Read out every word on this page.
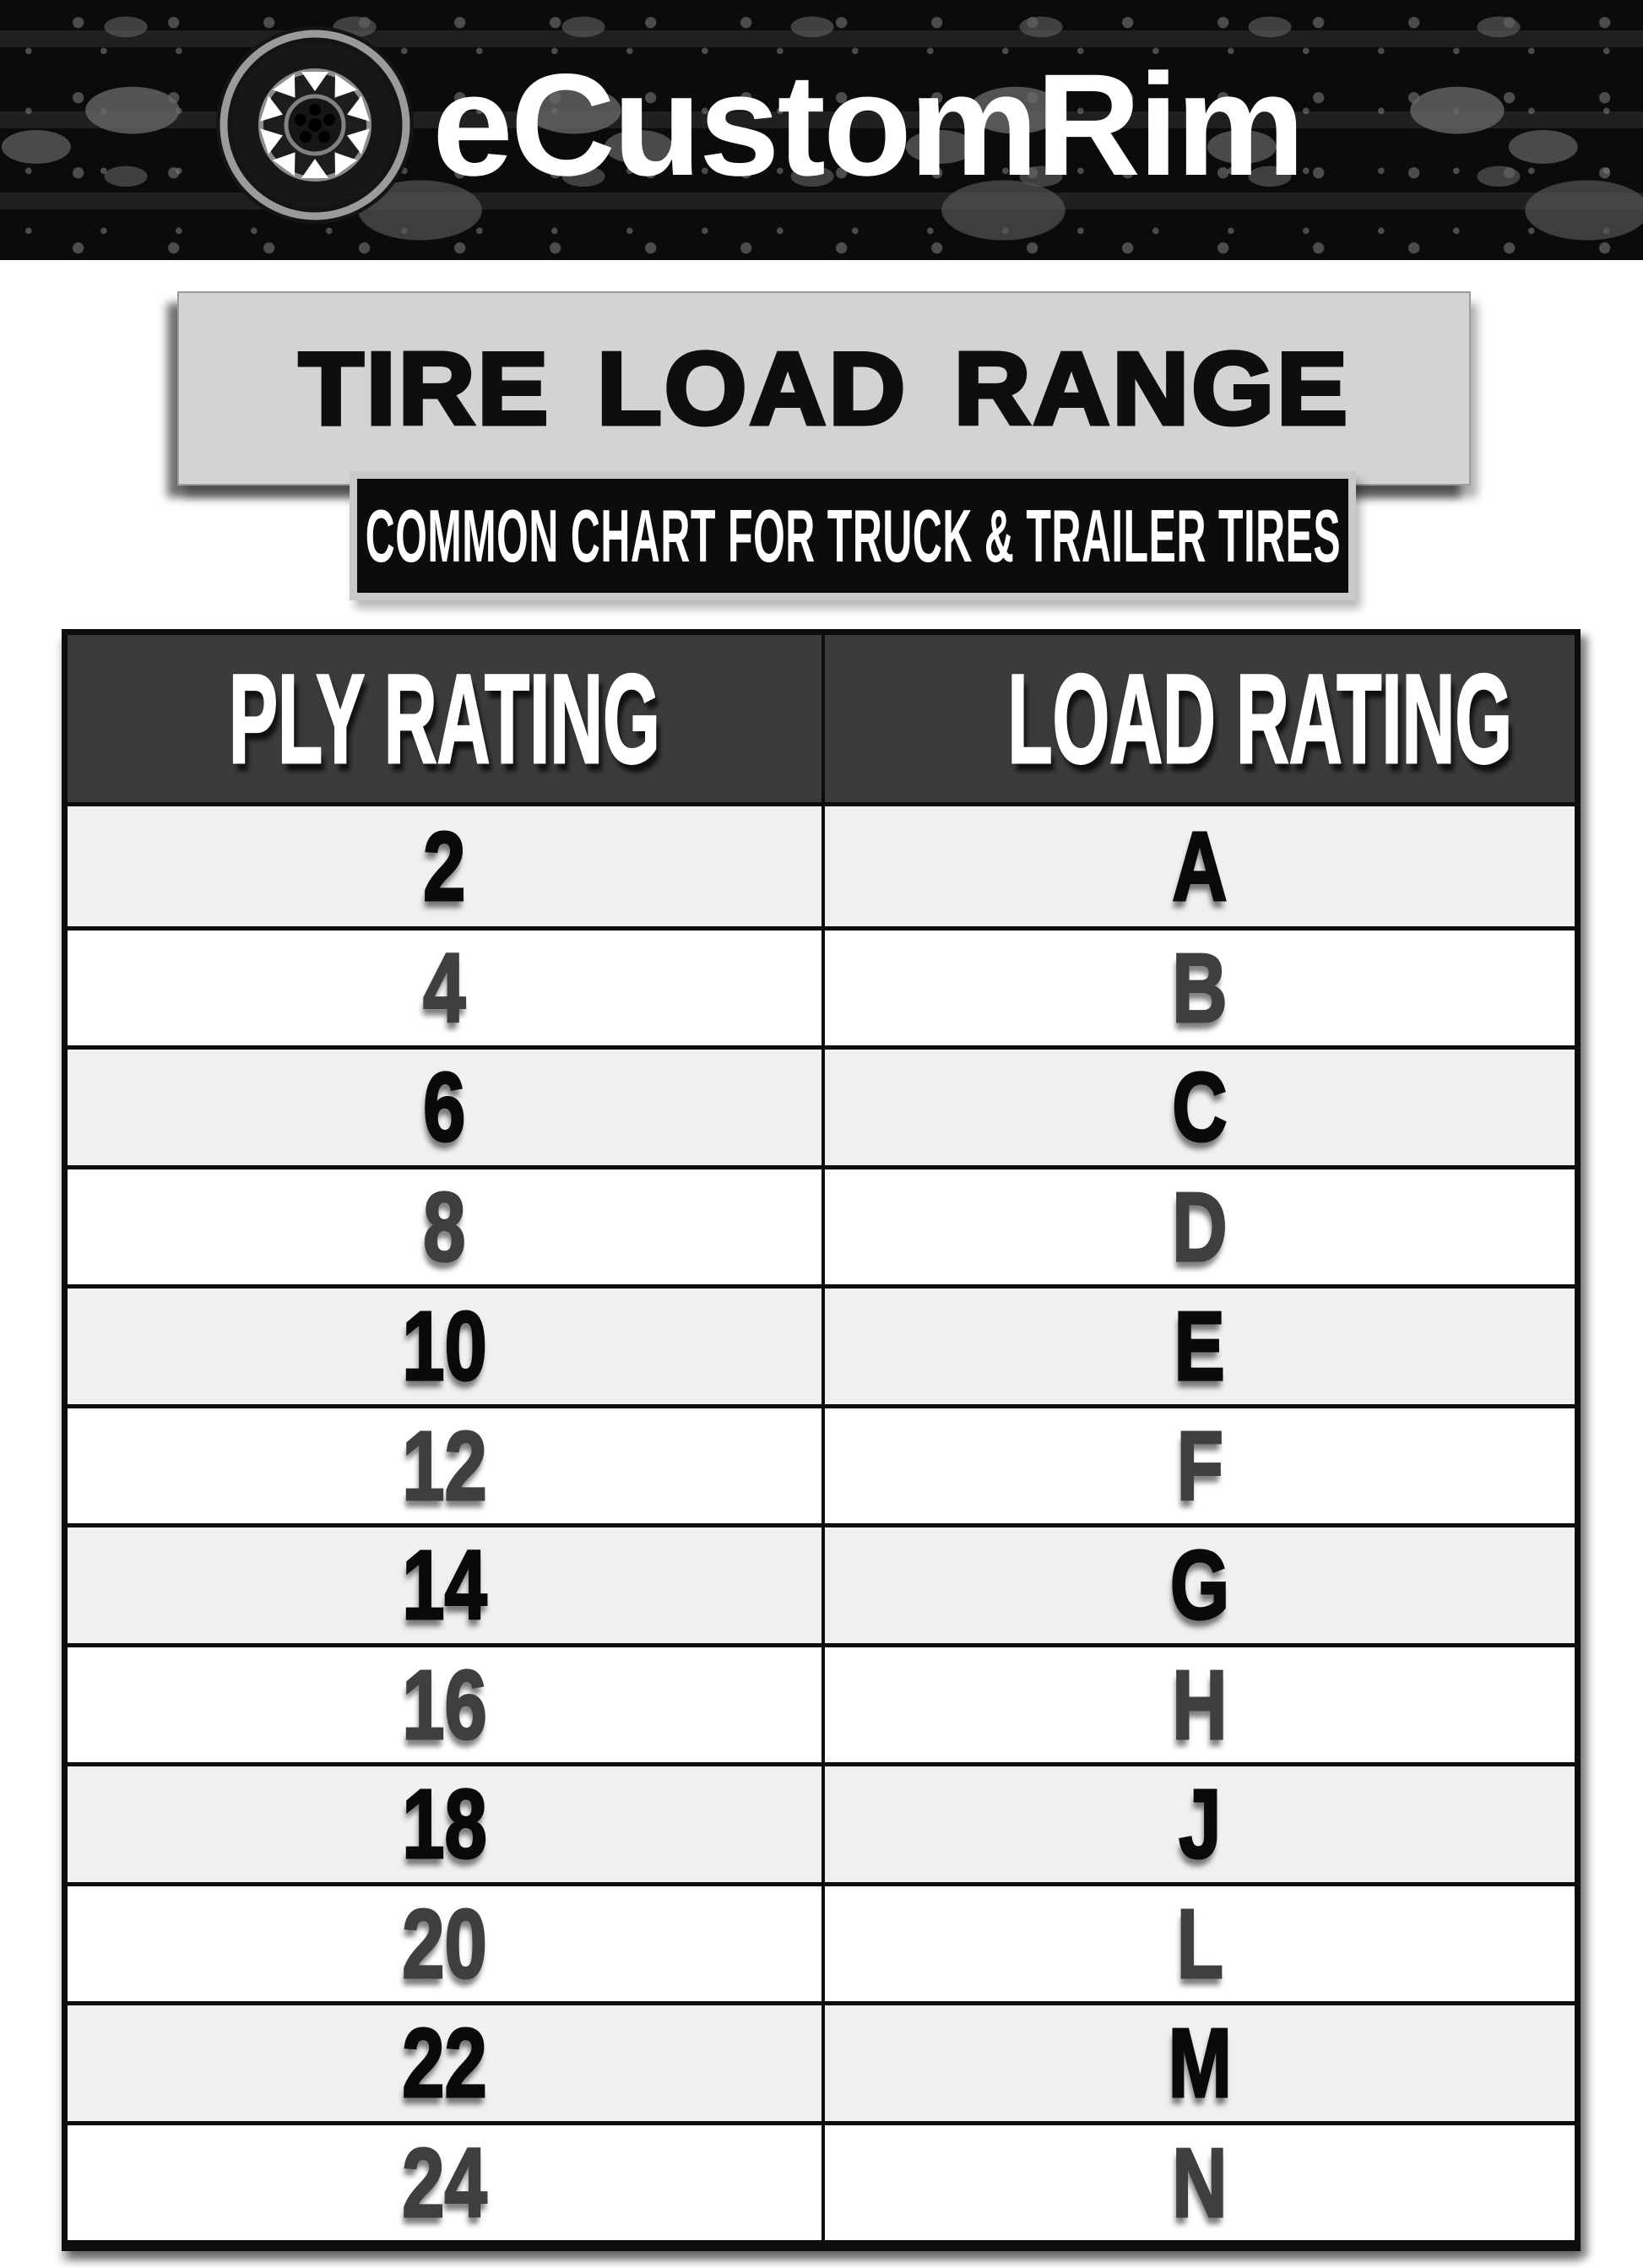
eCustomRim
TIRE LOAD RANGE
COMMON CHART FOR TRUCK & TRAILER TIRES
PLY RATING	LOAD RATING
2	A
4	B
6	C
8	D
10	E
12	F
14	G
16	H
18	J
20	L
22	M
24	N
